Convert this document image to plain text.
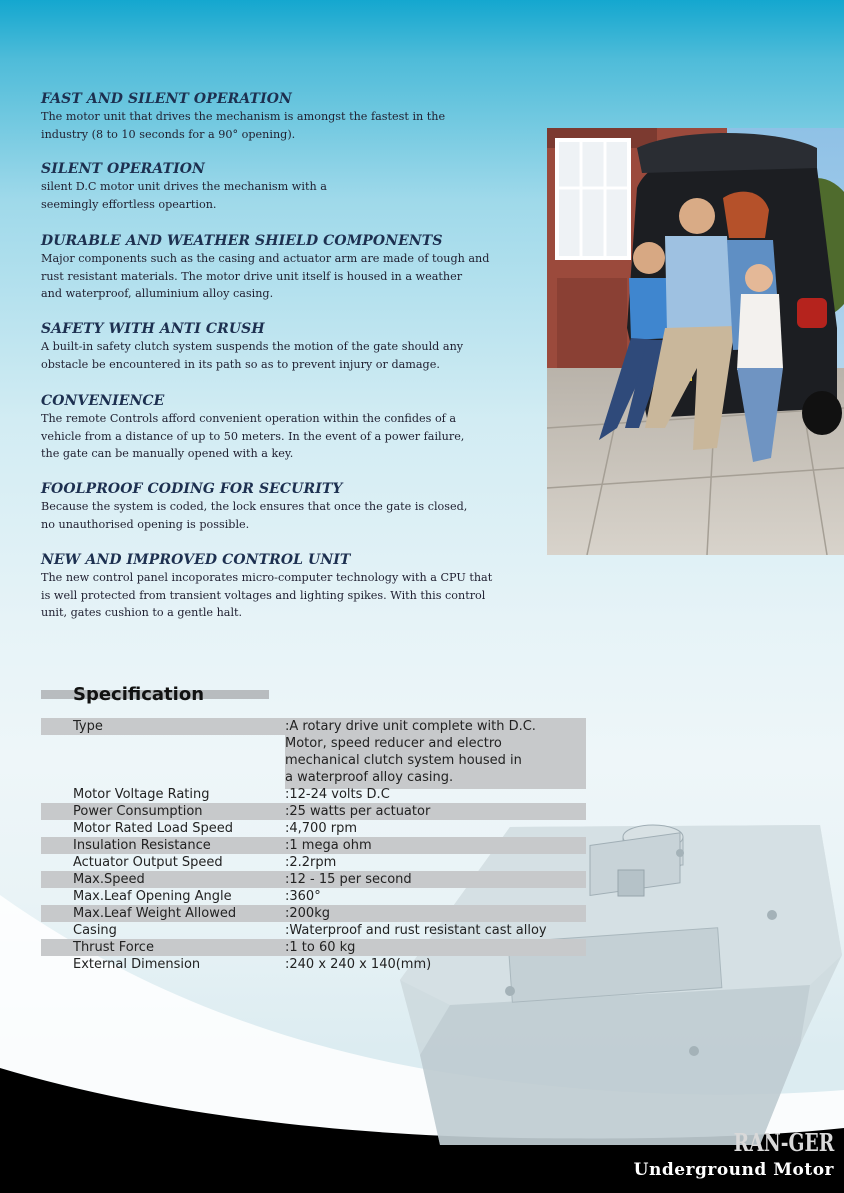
FAST AND SILENT OPERATION

The motor unit that drives the mechanism is amongst the fastest in the
industry (8 to 10 seconds for a 90° opening).

SILENT OPERATION

silent D.C motor unit drives the mechanism with a
seemingly effortless opeartion.

DURABLE AND WEATHER SHIELD COMPONENTS

Major components such as the casing and actuator arm are made of tough and
rust resistant materials. The motor drive unit itself is housed in a weather
and waterproof, alluminium alloy casing.

SAFETY WITH ANTI CRUSH

A built-in safety clutch system suspends the motion of the gate should any
obstacle be encountered in its path so as to prevent injury or damage.

CONVENIENCE

The remote Controls afford convenient operation within the confides of a
vehicle from a distance of up to 50 meters. In the event of a power failure,
the gate can be manually opened with a key.

FOOLPROOF CODING FOR SECURITY

Because the system is coded, the lock ensures that once the gate is closed,
no unauthorised opening is possible.

NEW AND IMPROVED CONTROL UNIT

The new control panel incoporates micro-computer technology with a CPU that
is well protected from transient voltages and lighting spikes. With this control
unit, gates cushion to a gentle halt.

Specification
Type	:A rotary drive unit complete with D.C.
Motor, speed reducer and electro
mechanical clutch system housed in
a waterproof alloy casing.
Motor Voltage Rating	:12-24 volts D.C
Power Consumption	:25 watts per actuator
Motor Rated Load Speed	:4,700 rpm
Insulation Resistance	:1 mega ohm
Actuator Output Speed	:2.2rpm
Max.Speed	:12 - 15 per second
Max.Leaf Opening Angle	:360°
Max.Leaf Weight Allowed	:200kg
Casing	:Waterproof and rust resistant cast alloy
Thrust Force	:1 to 60 kg
External Dimension	:240 x 240 x 140(mm)
RAN-GER
Underground Motor
